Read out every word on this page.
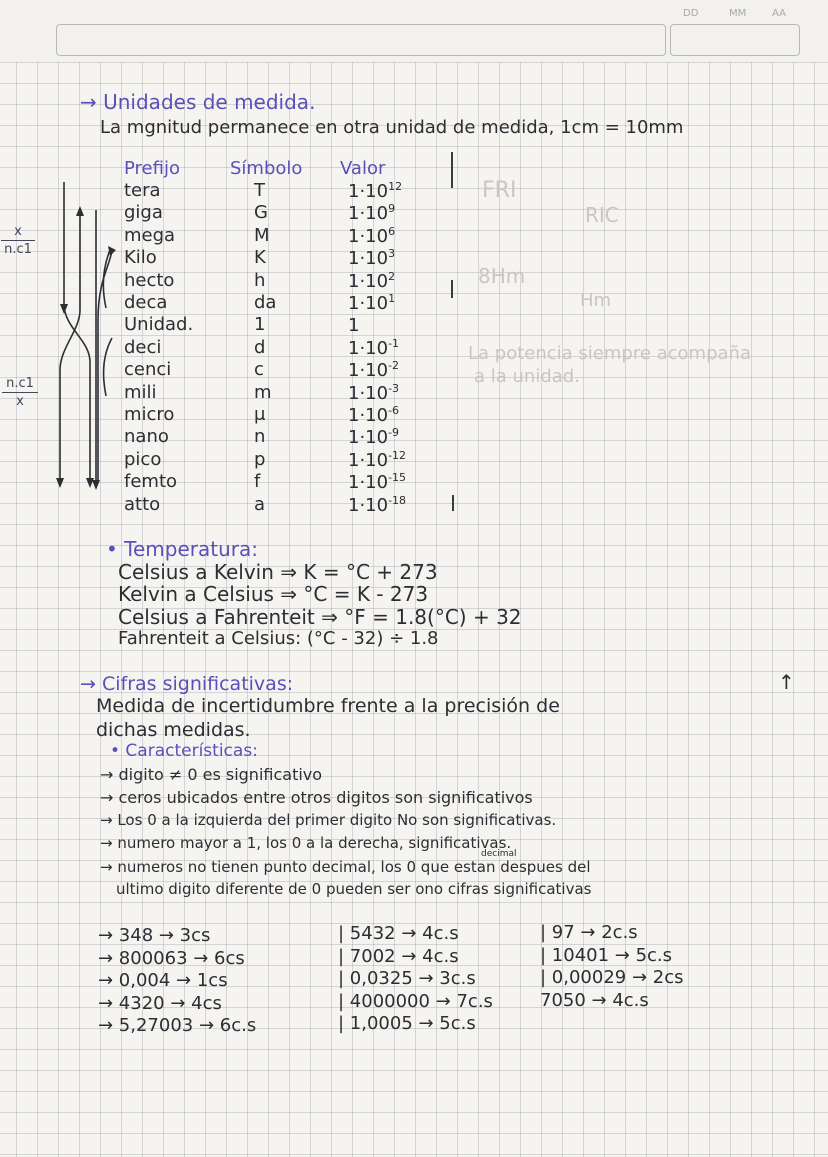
DD	MM	AA
FRI
RIC
8Hm
Hm
La potencia siempre acompaña
a la unidad.
→ Unidades de medida.
La mgnitud permanece en otra unidad de medida, 1cm = 10mm
Prefijo	Símbolo Valor
tera	T	$1\cdot 10^{12}$
giga	G	$1\cdot 10^9$
mega	M	$1\cdot 10^6$
Kilo	K	$1\cdot 10^3$
hecto	h	$1\cdot 10^2$
deca	da	$1\cdot 10^1$
Unidad.	1	1
deci	d	$1\cdot 10^{-1}$
cenci	c	$1\cdot 10^{-2}$
mili	m	$1\cdot 10^{-3}$
micro	μ	$1\cdot 10^{-6}$
nano	n	$1\cdot 10^{-9}$
pico	p	$1\cdot 10^{-12}$
femto	f	$1\cdot 10^{-15}$
atto	a	$1\cdot 10^{-18}$
x
n.c1
n.c1
x
• Temperatura:
Celsius a Kelvin ⇒ K = °C + 273
Kelvin a Celsius ⇒ °C = K - 273
Celsius a Fahrenteit ⇒ °F = 1.8(°C) + 32
Fahrenteit a Celsius: (°C - 32) ÷ 1.8
→ Cifras significativas:
Medida de incertidumbre frente a la precisión de
dichas medidas.
↑
• Características:
→ digito ≠ 0 es significativo
→ ceros ubicados entre otros digitos son significativos
→ Los 0 a la izquierda del primer digito No son significativas.
→ numero mayor a 1, los 0 a la derecha, significativas.
decimal
→ numeros no tienen punto decimal, los 0 que estan despues del
ultimo digito diferente de 0 pueden ser ono cifras significativas
→ 348 → 3cs
→ 800063 → 6cs
→ 0,004 → 1cs
→ 4320 → 4cs
→ 5,27003 → 6c.s
| 5432 → 4c.s
| 7002 → 4c.s
| 0,0325 → 3c.s
| 4000000 → 7c.s
| 1,0005 → 5c.s
| 97 → 2c.s
| 10401 → 5c.s
| 0,00029 → 2cs
7050 → 4c.s
